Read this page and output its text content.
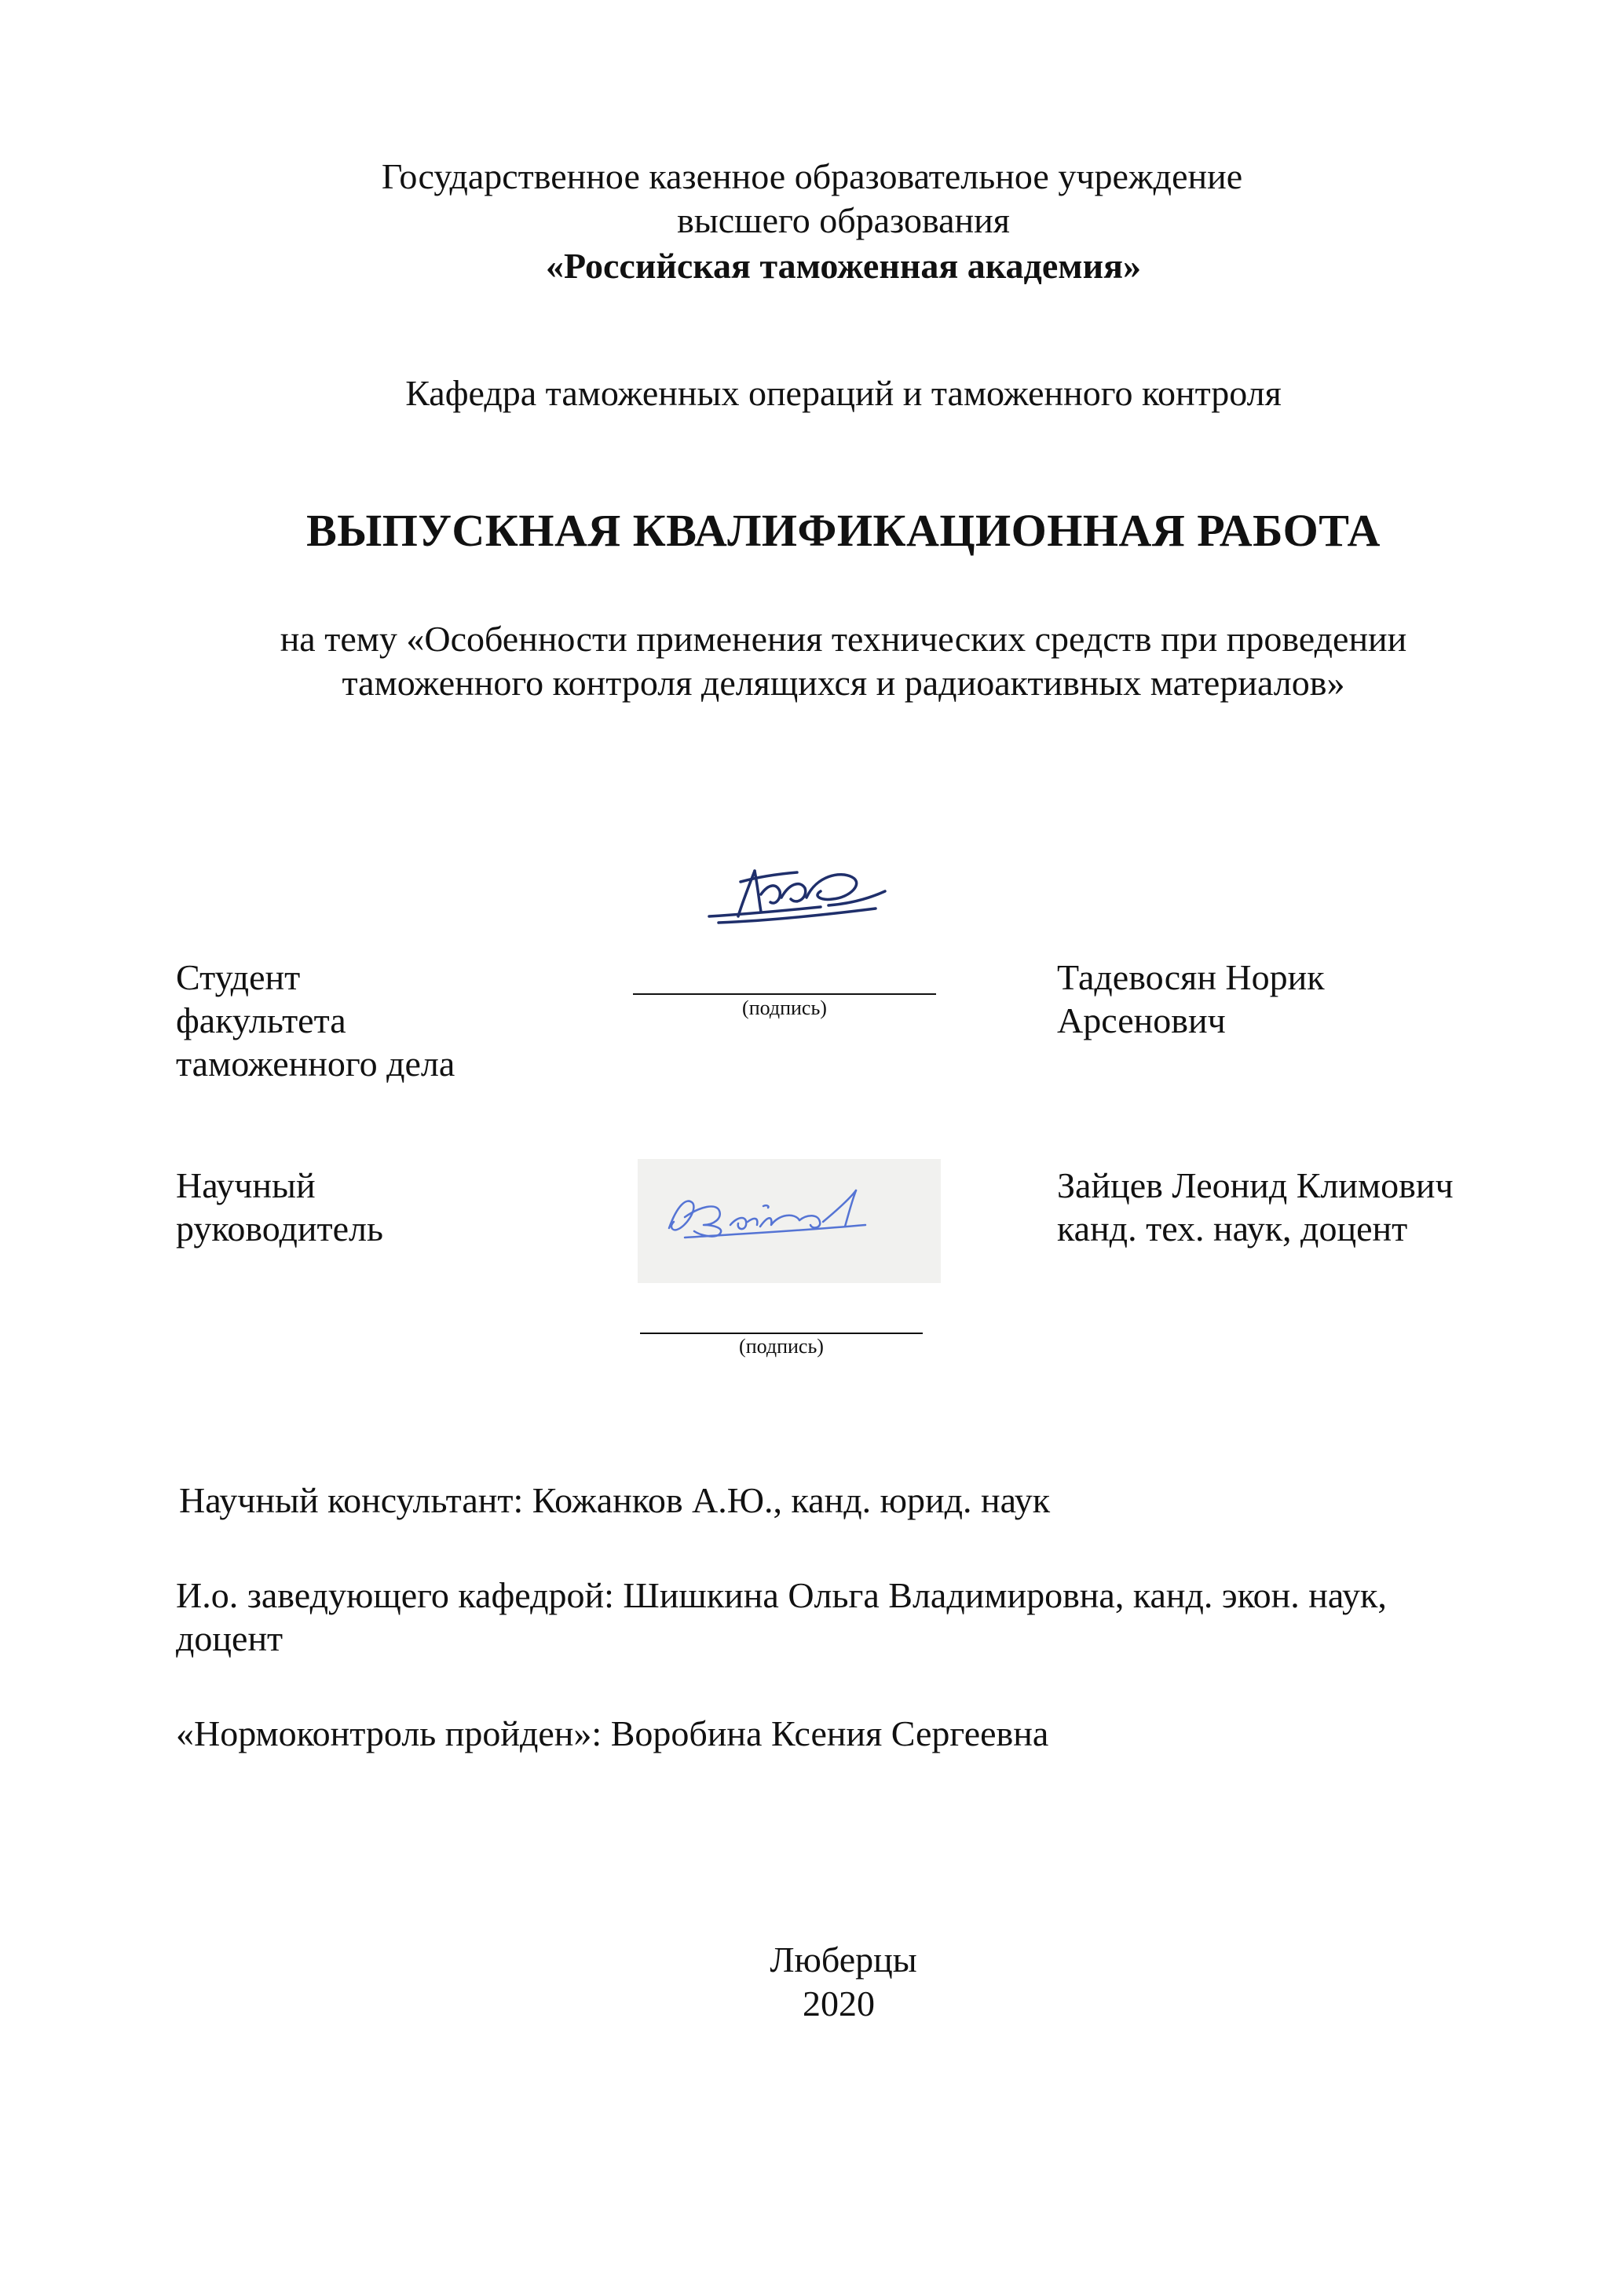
Государственное казенное образовательное учреждение
высшего образования
«Российская таможенная академия»
Кафедра таможенных операций и таможенного контроля
ВЫПУСКНАЯ КВАЛИФИКАЦИОННАЯ РАБОТА
на тему «Особенности применения технических средств при проведении
таможенного контроля делящихся и радиоактивных материалов»
Студент
факультета
таможенного дела
(подпись)
Тадевосян Норик
Арсенович
Научный
руководитель
Зайцев Леонид Климович
канд. тех. наук, доцент
(подпись)
Научный консультант: Кожанков А.Ю., канд. юрид. наук
И.о. заведующего кафедрой: Шишкина Ольга Владимировна, канд. экон. наук,
доцент
«Нормоконтроль пройден»: Воробина Ксения Сергеевна
Люберцы
2020
